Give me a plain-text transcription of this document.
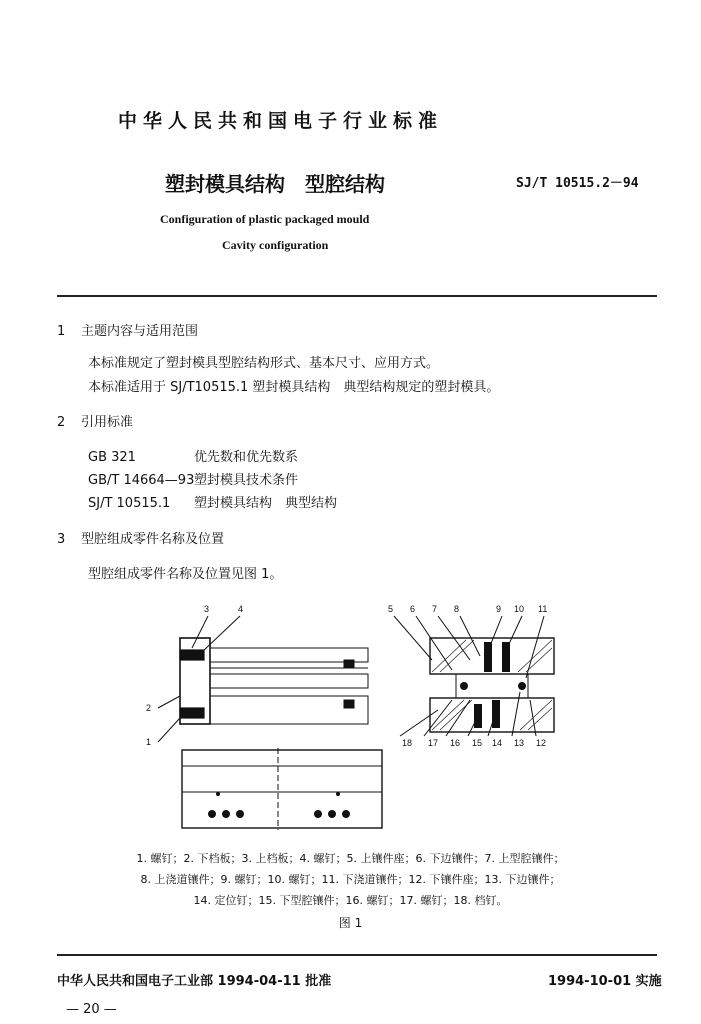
中华人民共和国电子行业标准
塑封模具结构　型腔结构	SJ/T 10515.2－94
Configuration of plastic packaged mould
Cavity configuration
1 主题内容与适用范围
本标准规定了塑封模具型腔结构形式、基本尺寸、应用方式。
本标准适用于 SJ/T10515.1 塑封模具结构　典型结构规定的塑封模具。
2 引用标准
GB 321	优先数和优先数系
GB/T 14664—93塑封模具技术条件
SJ/T 10515.1 塑封模具结构　典型结构
3 型腔组成零件名称及位置
型腔组成零件名称及位置见图 1。
3	4
2
1
5 6 7 8	9 10 11
18 17 16 15 14 13 12
1. 螺钉；2. 下档板；3. 上档板；4. 螺钉；5. 上镶件座；6. 下边镶件；7. 上型腔镶件；
8. 上浇道镶件；9. 螺钉；10. 螺钉；11. 下浇道镶件；12. 下镶件座；13. 下边镶件；
14. 定位钉；15. 下型腔镶件；16. 螺钉；17. 螺钉；18. 档钉。
图 1
中华人民共和国电子工业部 1994-04-11 批准	1994-10-01 实施
— 20 —
